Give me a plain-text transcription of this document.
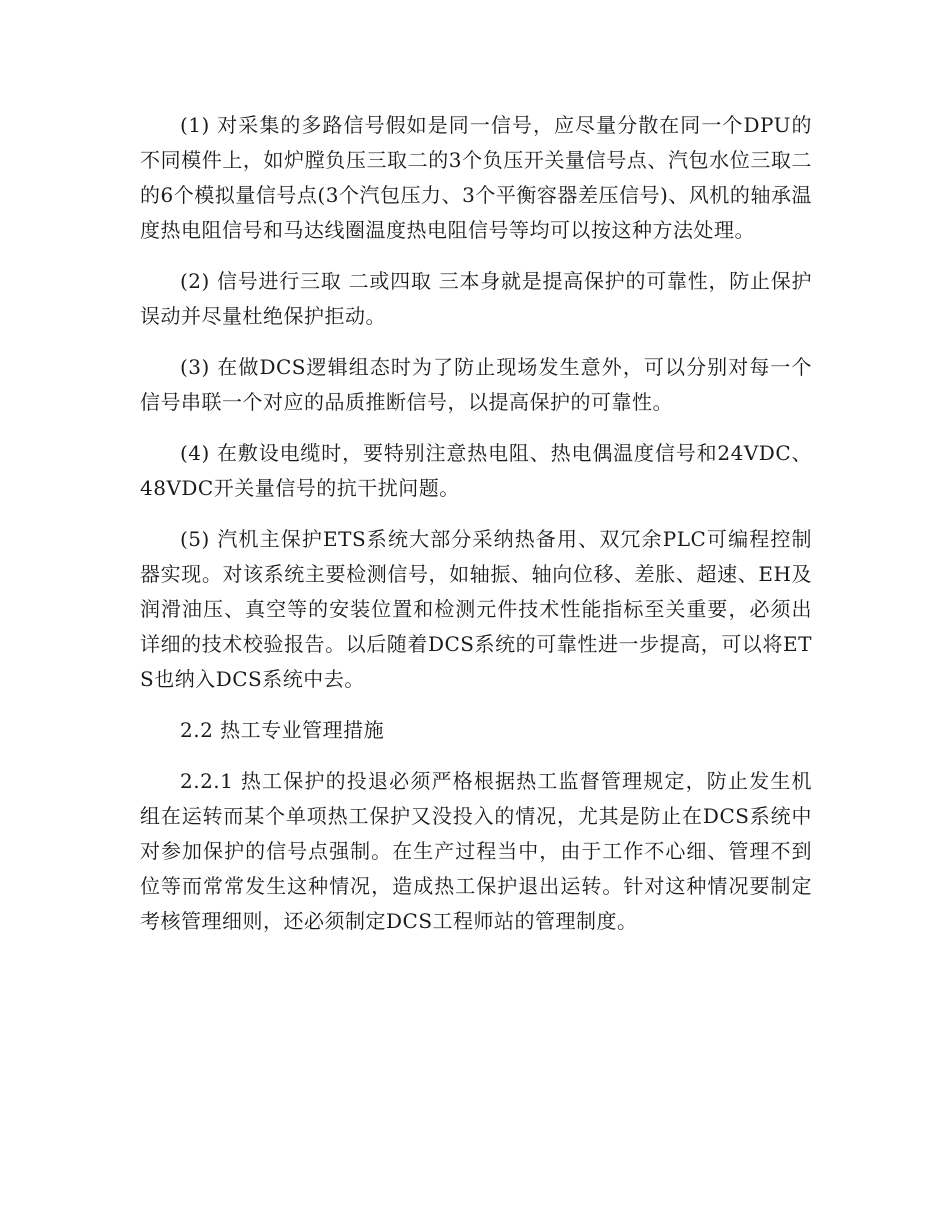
(1) 对采集的多路信号假如是同一信号，应尽量分散在同一个DPU的不同模件上，如炉膛负压三取二的3个负压开关量信号点、汽包水位三取二的6个模拟量信号点(3个汽包压力、3个平衡容器差压信号)、风机的轴承温度热电阻信号和马达线圈温度热电阻信号等均可以按这种方法处理。

(2) 信号进行三取 二或四取 三本身就是提高保护的可靠性，防止保护误动并尽量杜绝保护拒动。

(3) 在做DCS逻辑组态时为了防止现场发生意外，可以分别对每一个信号串联一个对应的品质推断信号，以提高保护的可靠性。

(4) 在敷设电缆时，要特别注意热电阻、热电偶温度信号和24VDC、48VDC开关量信号的抗干扰问题。

(5) 汽机主保护ETS系统大部分采纳热备用、双冗余PLC可编程控制器实现。对该系统主要检测信号，如轴振、轴向位移、差胀、超速、EH及润滑油压、真空等的安装位置和检测元件技术性能指标至关重要，必须出详细的技术校验报告。以后随着DCS系统的可靠性进一步提高，可以将ETS也纳入DCS系统中去。

2.2 热工专业管理措施

2.2.1 热工保护的投退必须严格根据热工监督管理规定，防止发生机组在运转而某个单项热工保护又没投入的情况，尤其是防止在DCS系统中对参加保护的信号点强制。在生产过程当中，由于工作不心细、管理不到位等而常常发生这种情况，造成热工保护退出运转。针对这种情况要制定考核管理细则，还必须制定DCS工程师站的管理制度。
